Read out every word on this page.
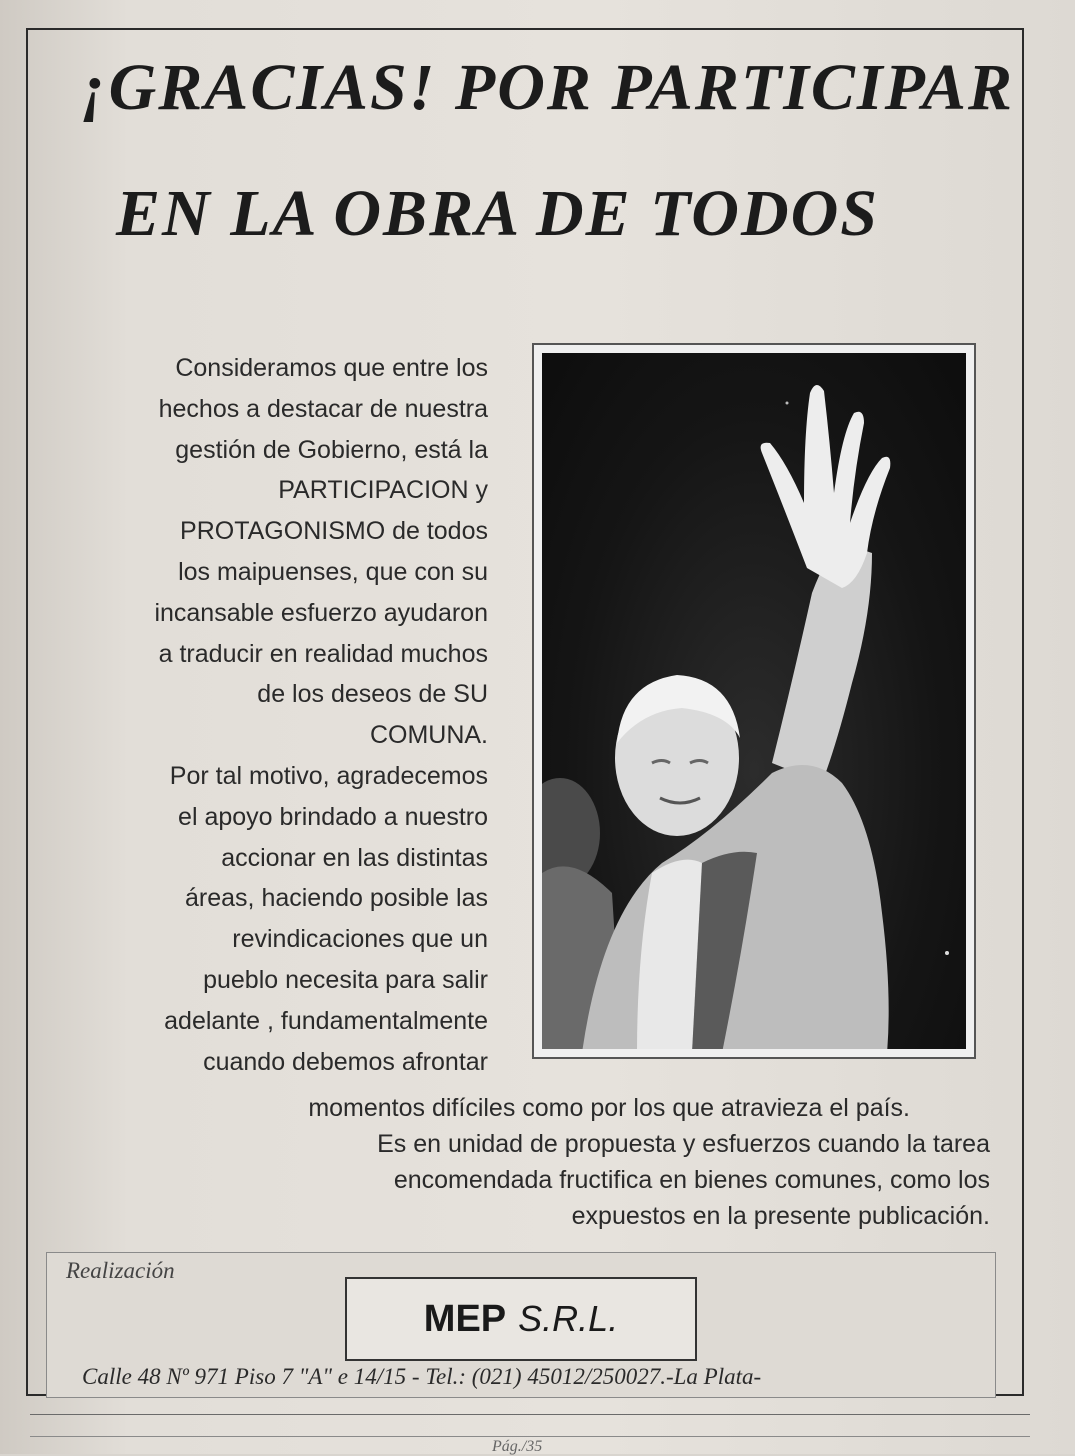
¡GRACIAS! POR PARTICIPAR
EN LA OBRA DE TODOS

Consideramos que entre los
hechos a destacar de nuestra
gestión de Gobierno, está la
PARTICIPACION y
PROTAGONISMO de todos
los maipuenses, que con su
incansable esfuerzo ayudaron
a traducir en realidad muchos
de los deseos de SU
COMUNA.
Por tal motivo, agradecemos
el apoyo brindado a nuestro
accionar en las distintas
áreas, haciendo posible las
revindicaciones que un
pueblo necesita para salir
adelante , fundamentalmente
cuando debemos afrontar

momentos difíciles como por los que atravieza el país.
Es en unidad de propuesta y esfuerzos cuando la tarea
encomendada fructifica en bienes comunes, como los
expuestos en la presente publicación.

Realización
MEP S.R.L.
Calle 48 Nº 971 Piso 7 "A" e 14/15 - Tel.: (021) 45012/250027.-La Plata-
Pág./35
